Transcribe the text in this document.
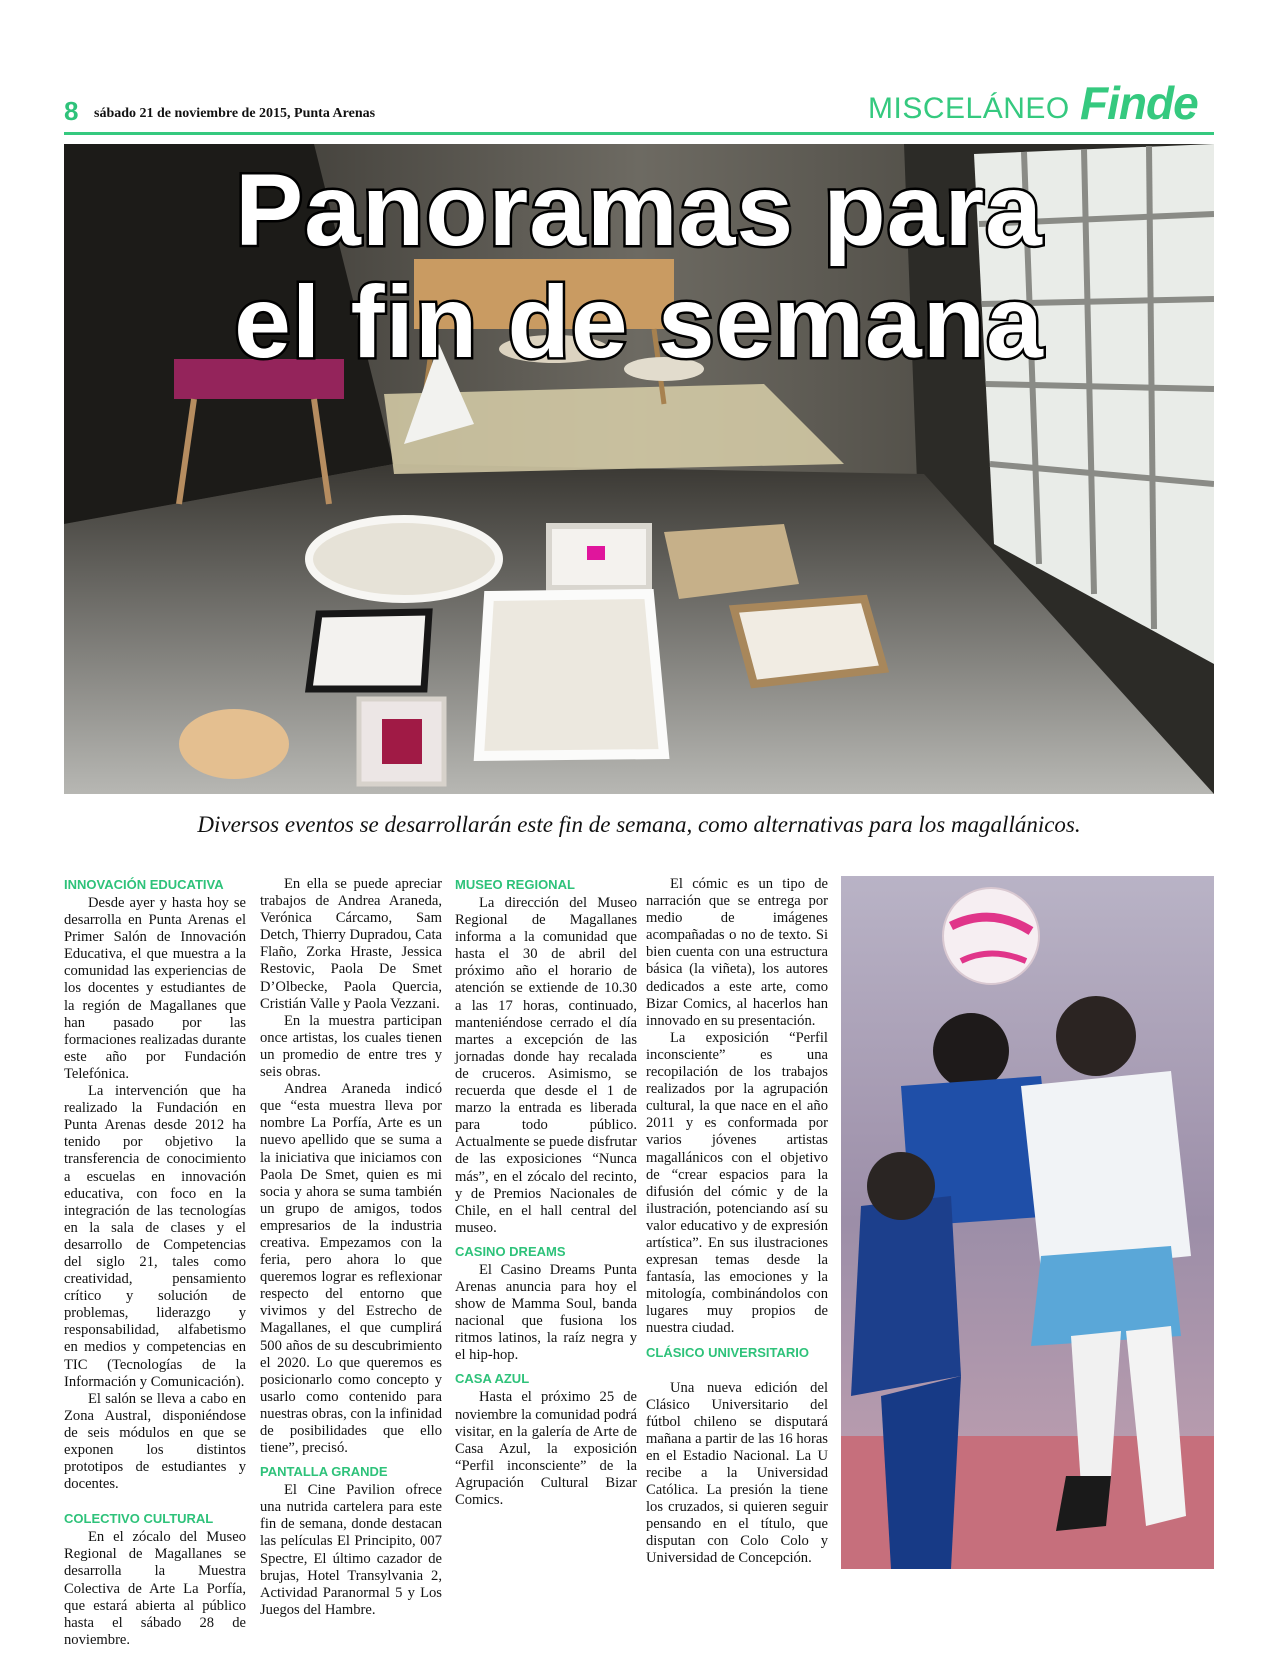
8 sábado 21 de noviembre de 2015, Punta Arenas	MISCELÁNEO Finde
Panoramas para
el fin de semana
Diversos eventos se desarrollarán este fin de semana, como alternativas para los magallánicos.
INNOVACIÓN EDUCATIVA

Desde ayer y hasta hoy se desarrolla en Punta Arenas el Primer Salón de Innovación Educativa, el que muestra a la comunidad las experiencias de los docentes y estudiantes de la región de Magallanes que han pasado por las formaciones realizadas durante este año por Fundación Telefónica.

La intervención que ha realizado la Fundación en Punta Arenas desde 2012 ha tenido por objetivo la transferencia de conocimiento a escuelas en innovación educativa, con foco en la integración de las tecnologías en la sala de clases y el desarrollo de Competencias del siglo 21, tales como creatividad, pensamiento crítico y solución de problemas, liderazgo y responsabilidad, alfabetismo en medios y competencias en TIC (Tecnologías de la Información y Comunicación).

El salón se lleva a cabo en Zona Austral, disponiéndose de seis módulos en que se exponen los distintos prototipos de estudiantes y docentes.

COLECTIVO CULTURAL

En el zócalo del Museo Regional de Magallanes se desarrolla la Muestra Colectiva de Arte La Porfía, que estará abierta al público hasta el sábado 28 de noviembre.

En ella se puede apreciar trabajos de Andrea Araneda, Verónica Cárcamo, Sam Detch, Thierry Dupradou, Cata Flaño, Zorka Hraste, Jessica Restovic, Paola De Smet D’Olbecke, Paola Quercia, Cristián Valle y Paola Vezzani.

En la muestra participan once artistas, los cuales tienen un promedio de entre tres y seis obras.

Andrea Araneda indicó que “esta muestra lleva por nombre La Porfía, Arte es un nuevo apellido que se suma a la iniciativa que iniciamos con Paola De Smet, quien es mi socia y ahora se suma también un grupo de amigos, todos empresarios de la industria creativa. Empezamos con la feria, pero ahora lo que queremos lograr es reflexionar respecto del entorno que vivimos y del Estrecho de Magallanes, el que cumplirá 500 años de su descubrimiento el 2020. Lo que queremos es posicionarlo como concepto y usarlo como contenido para nuestras obras, con la infinidad de posibilidades que ello tiene”, precisó.

PANTALLA GRANDE

El Cine Pavilion ofrece una nutrida cartelera para este fin de semana, donde destacan las películas El Principito, 007 Spectre, El último cazador de brujas, Hotel Transylvania 2, Actividad Paranormal 5 y Los Juegos del Hambre.

MUSEO REGIONAL

La dirección del Museo Regional de Magallanes informa a la comunidad que hasta el 30 de abril del próximo año el horario de atención se extiende de 10.30 a las 17 horas, continuado, manteniéndose cerrado el día martes a excepción de las jornadas donde hay recalada de cruceros. Asimismo, se recuerda que desde el 1 de marzo la entrada es liberada para todo público. Actualmente se puede disfrutar de las exposiciones “Nunca más”, en el zócalo del recinto, y de Premios Nacionales de Chile, en el hall central del museo.

CASINO DREAMS

El Casino Dreams Punta Arenas anuncia para hoy el show de Mamma Soul, banda nacional que fusiona los ritmos latinos, la raíz negra y el hip-hop.

CASA AZUL

Hasta el próximo 25 de noviembre la comunidad podrá visitar, en la galería de Arte de Casa Azul, la exposición “Perfil inconsciente” de la Agrupación Cultural Bizar Comics.

El cómic es un tipo de narración que se entrega por medio de imágenes acompañadas o no de texto. Si bien cuenta con una estructura básica (la viñeta), los autores dedicados a este arte, como Bizar Comics, al hacerlos han innovado en su presentación.

La exposición “Perfil inconsciente” es una recopilación de los trabajos realizados por la agrupación cultural, la que nace en el año 2011 y es conformada por varios jóvenes artistas magallánicos con el objetivo de “crear espacios para la difusión del cómic y de la ilustración, potenciando así su valor educativo y de expresión artística”. En sus ilustraciones expresan temas desde la fantasía, las emociones y la mitología, combinándolos con lugares muy propios de nuestra ciudad.

CLÁSICO UNIVERSITARIO

Una nueva edición del Clásico Universitario del fútbol chileno se disputará mañana a partir de las 16 horas en el Estadio Nacional. La U recibe a la Universidad Católica. La presión la tiene los cruzados, si quieren seguir pensando en el título, que disputan con Colo Colo y Universidad de Concepción.
